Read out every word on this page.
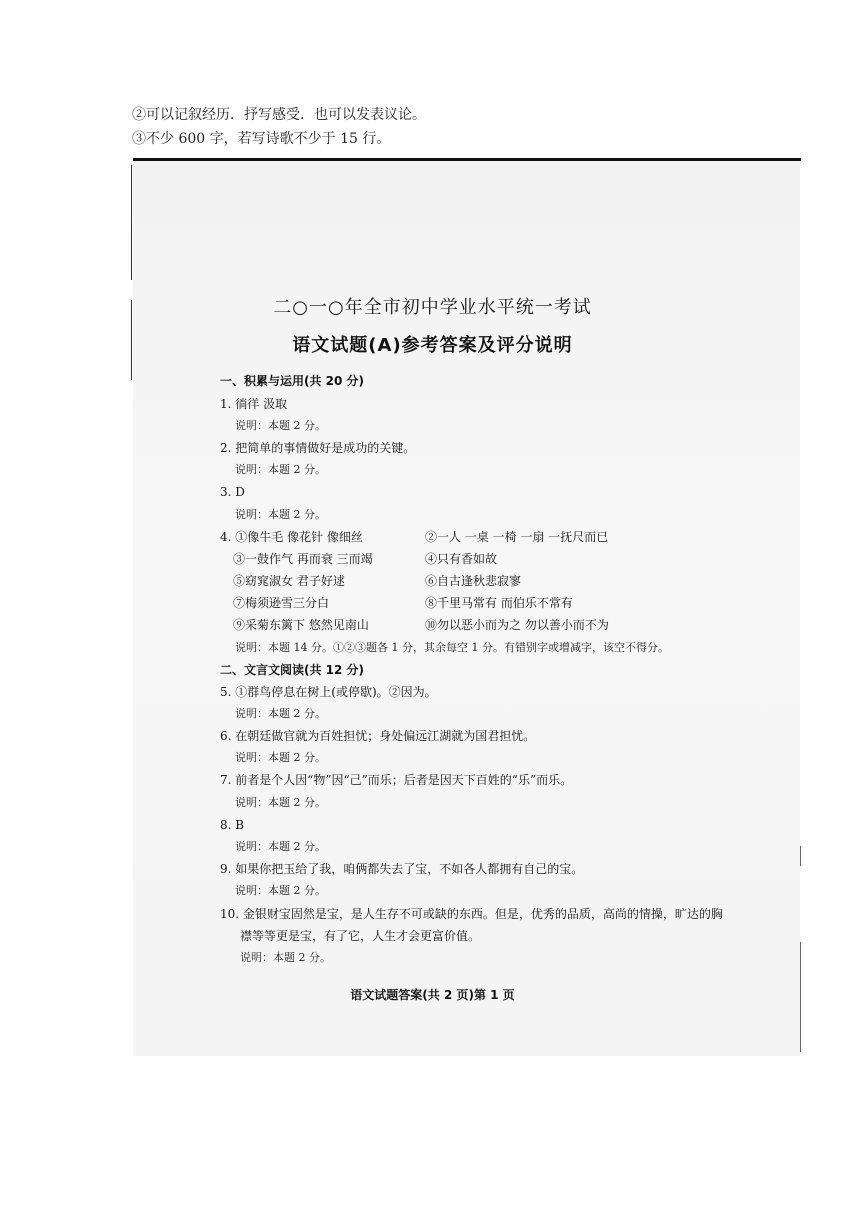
②可以记叙经历．抒写感受．也可以发表议论。
③不少 600 字，若写诗歌不少于 15 行。
二○一○年全市初中学业水平统一考试
语文试题(A)参考答案及评分说明
一、积累与运用(共 20 分)
1. 徜徉 汲取
说明：本题 2 分。
2. 把简单的事情做好是成功的关键。
说明：本题 2 分。
3. D
说明：本题 2 分。
4. ①像牛毛 像花针 像细丝	②一人 一桌 一椅 一扇 一抚尺而已
③一鼓作气 再而衰 三而竭	④只有香如故
⑤窈窕淑女 君子好逑	⑥自古逢秋悲寂寥
⑦梅须逊雪三分白	⑧千里马常有 而伯乐不常有
⑨采菊东篱下 悠然见南山	⑩勿以恶小而为之 勿以善小而不为
说明：本题 14 分。①②③题各 1 分，其余每空 1 分。有错别字或增减字，该空不得分。
二、文言文阅读(共 12 分)
5. ①群鸟停息在树上(或停歇)。②因为。
说明：本题 2 分。
6. 在朝廷做官就为百姓担忧；身处偏远江湖就为国君担忧。
说明：本题 2 分。
7. 前者是个人因“物”因“己”而乐；后者是因天下百姓的“乐”而乐。
说明：本题 2 分。
8. B
说明：本题 2 分。
9. 如果你把玉给了我，咱俩都失去了宝，不如各人都拥有自己的宝。
说明：本题 2 分。
10. 金银财宝固然是宝，是人生存不可或缺的东西。但是，优秀的品质，高尚的情操，旷达的胸
襟等等更是宝，有了它，人生才会更富价值。
说明：本题 2 分。
语文试题答案(共 2 页)第 1 页
